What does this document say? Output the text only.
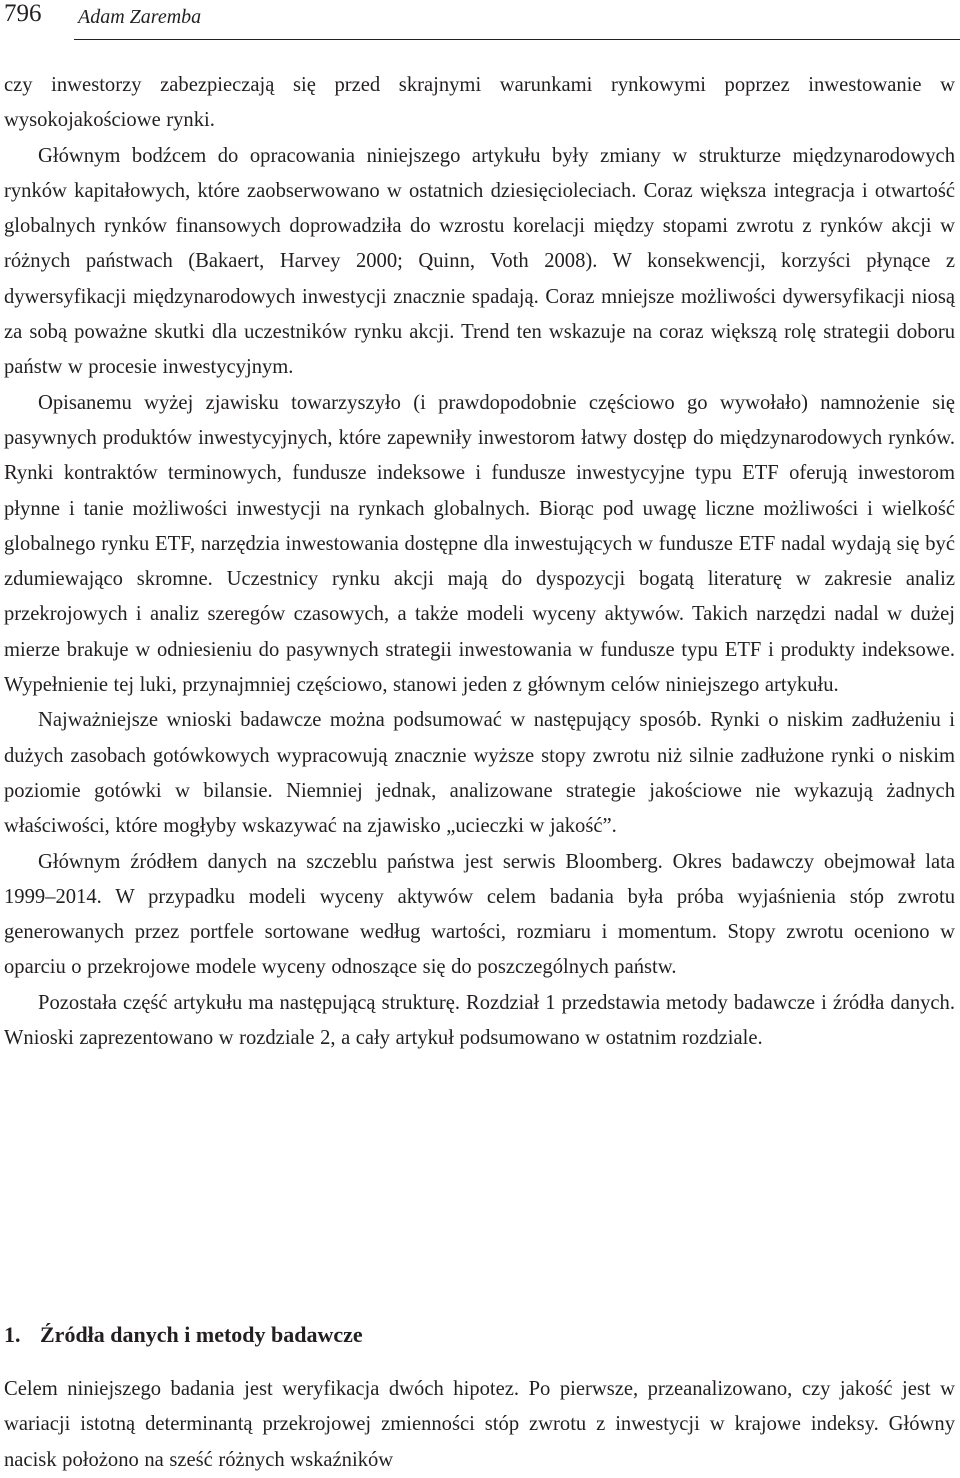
796 Adam Zaremba

czy inwestorzy zabezpieczają się przed skrajnymi warunkami rynkowymi poprzez inwestowanie w wysokojakościowe rynki.

Głównym bodźcem do opracowania niniejszego artykułu były zmiany w strukturze międzynarodowych rynków kapitałowych, które zaobserwowano w ostatnich dziesięcioleciach. Coraz większa integracja i otwartość globalnych rynków finansowych doprowadziła do wzrostu korelacji między stopami zwrotu z rynków akcji w różnych państwach (Bakaert, Harvey 2000; Quinn, Voth 2008). W konsekwencji, korzyści płynące z dywersyfikacji międzynarodowych inwestycji znacznie spadają. Coraz mniejsze możliwości dywersyfikacji niosą za sobą poważne skutki dla uczestników rynku akcji. Trend ten wskazuje na coraz większą rolę strategii doboru państw w procesie inwestycyjnym.

Opisanemu wyżej zjawisku towarzyszyło (i prawdopodobnie częściowo go wywołało) namnożenie się pasywnych produktów inwestycyjnych, które zapewniły inwestorom łatwy dostęp do międzynarodowych rynków. Rynki kontraktów terminowych, fundusze indeksowe i fundusze inwestycyjne typu ETF oferują inwestorom płynne i tanie możliwości inwestycji na rynkach globalnych. Biorąc pod uwagę liczne możliwości i wielkość globalnego rynku ETF, narzędzia inwestowania dostępne dla inwestujących w fundusze ETF nadal wydają się być zdumiewająco skromne. Uczestnicy rynku akcji mają do dyspozycji bogatą literaturę w zakresie analiz przekrojowych i analiz szeregów czasowych, a także modeli wyceny aktywów. Takich narzędzi nadal w dużej mierze brakuje w odniesieniu do pasywnych strategii inwestowania w fundusze typu ETF i produkty indeksowe. Wypełnienie tej luki, przynajmniej częściowo, stanowi jeden z głównym celów niniejszego artykułu.

Najważniejsze wnioski badawcze można podsumować w następujący sposób. Rynki o niskim zadłużeniu i dużych zasobach gotówkowych wypracowują znacznie wyższe stopy zwrotu niż silnie zadłużone rynki o niskim poziomie gotówki w bilansie. Niemniej jednak, analizowane strategie jakościowe nie wykazują żadnych właściwości, które mogłyby wskazywać na zjawisko „ucieczki w jakość”.

Głównym źródłem danych na szczeblu państwa jest serwis Bloomberg. Okres badawczy obejmował lata 1999–2014. W przypadku modeli wyceny aktywów celem badania była próba wyjaśnienia stóp zwrotu generowanych przez portfele sortowane według wartości, rozmiaru i momentum. Stopy zwrotu oceniono w oparciu o przekrojowe modele wyceny odnoszące się do poszczególnych państw.

Pozostała część artykułu ma następującą strukturę. Rozdział 1 przedstawia metody badawcze i źródła danych. Wnioski zaprezentowano w rozdziale 2, a cały artykuł podsumowano w ostatnim rozdziale.

1. Źródła danych i metody badawcze

Celem niniejszego badania jest weryfikacja dwóch hipotez. Po pierwsze, przeanalizowano, czy jakość jest w wariacji istotną determinantą przekrojowej zmienności stóp zwrotu z inwestycji w krajowe indeksy. Główny nacisk położono na sześć różnych wskaźników
